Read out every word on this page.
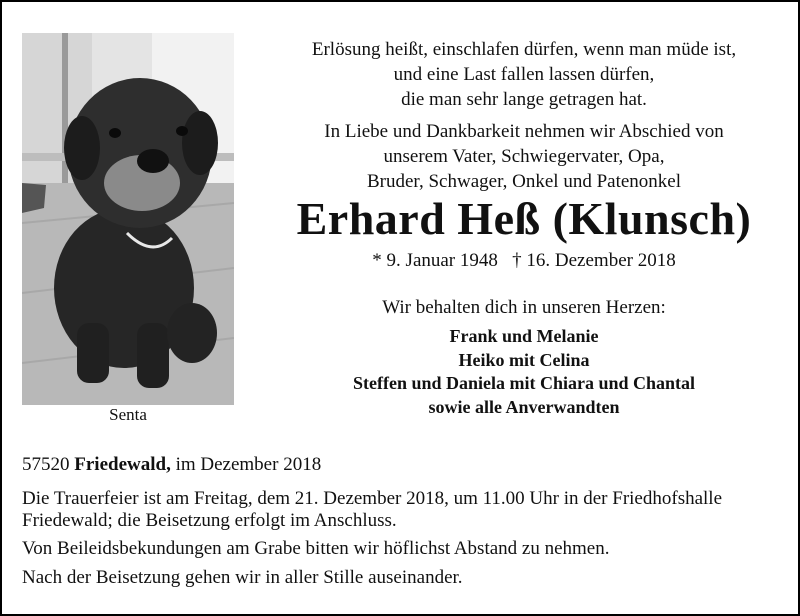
Senta
Erlösung heißt, einschlafen dürfen, wenn man müde ist,
und eine Last fallen lassen dürfen,
die man sehr lange getragen hat.
In Liebe und Dankbarkeit nehmen wir Abschied von
unserem Vater, Schwiegervater, Opa,
Bruder, Schwager, Onkel und Patenonkel
Erhard Heß (Klunsch)
* 9. Januar 1948 † 16. Dezember 2018
Wir behalten dich in unseren Herzen:
Frank und Melanie
Heiko mit Celina
Steffen und Daniela mit Chiara und Chantal
sowie alle Anverwandten
57520 Friedewald, im Dezember 2018
Die Trauerfeier ist am Freitag, dem 21. Dezember 2018, um 11.00 Uhr in der Friedhofshalle Friedewald; die Beisetzung erfolgt im Anschluss.
Von Beileidsbekundungen am Grabe bitten wir höflichst Abstand zu nehmen.
Nach der Beisetzung gehen wir in aller Stille auseinander.
